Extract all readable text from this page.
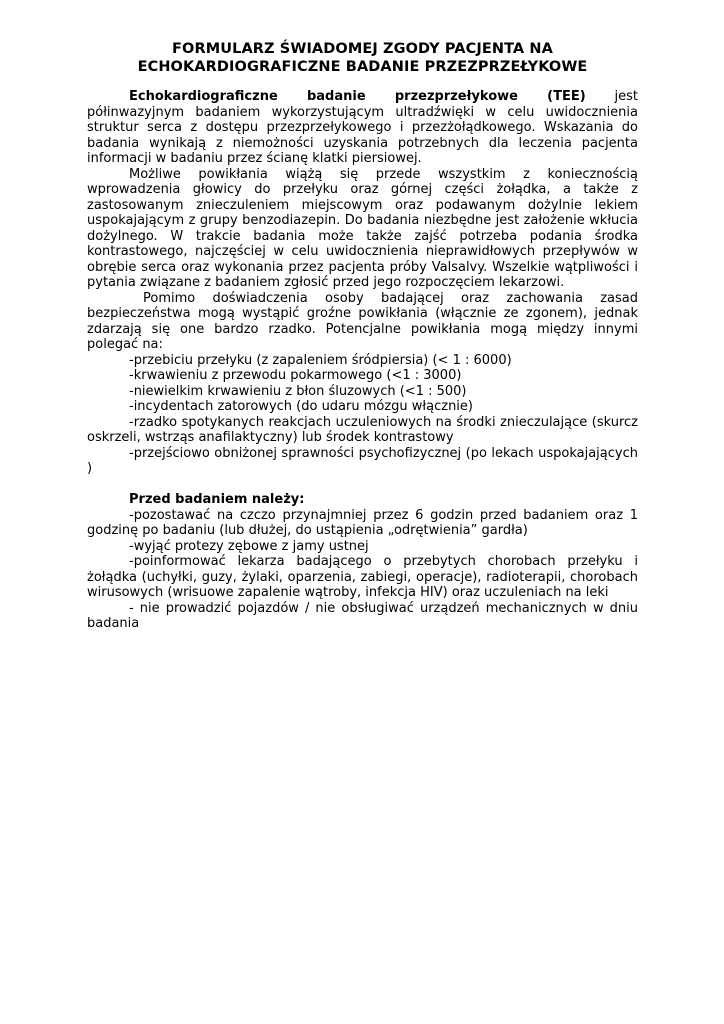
FORMULARZ ŚWIADOMEJ ZGODY PACJENTA NA
ECHOKARDIOGRAFICZNE BADANIE PRZEZPRZEŁYKOWE

Echokardiograficzne badanie przezprzełykowe (TEE) jest półinwazyjnym badaniem wykorzystującym ultradźwięki w celu uwidocznienia struktur serca z dostępu przezprzełykowego i przezżołądkowego. Wskazania do badania wynikają z niemożności uzyskania potrzebnych dla leczenia pacjenta informacji w badaniu przez ścianę klatki piersiowej.

Możliwe powikłania wiążą się przede wszystkim z koniecznością wprowadzenia głowicy do przełyku oraz górnej części żołądka, a także z zastosowanym znieczuleniem miejscowym oraz podawanym dożylnie lekiem uspokajającym z grupy benzodiazepin. Do badania niezbędne jest założenie wkłucia dożylnego. W trakcie badania może także zajść potrzeba podania środka kontrastowego, najczęściej w celu uwidocznienia nieprawidłowych przepływów w obrębie serca oraz wykonania przez pacjenta próby Valsalvy. Wszelkie wątpliwości i pytania związane z badaniem zgłosić przed jego rozpoczęciem lekarzowi.

Pomimo doświadczenia osoby badającej oraz zachowania zasad bezpieczeństwa mogą wystąpić groźne powikłania (włącznie ze zgonem), jednak zdarzają się one bardzo rzadko. Potencjalne powikłania mogą między innymi polegać na:

-przebiciu przełyku (z zapaleniem śródpiersia) (< 1 : 6000)

-krwawieniu z przewodu pokarmowego (<1 : 3000)

-niewielkim krwawieniu z błon śluzowych (<1 : 500)

-incydentach zatorowych (do udaru mózgu włącznie)

-rzadko spotykanych reakcjach uczuleniowych na środki znieczulające (skurcz oskrzeli, wstrząs anafilaktyczny) lub środek kontrastowy

-przejściowo obniżonej sprawności psychofizycznej (po lekach uspokajających )

Przed badaniem należy:

-pozostawać na czczo przynajmniej przez 6 godzin przed badaniem oraz 1 godzinę po badaniu (lub dłużej, do ustąpienia „odrętwienia” gardła)

-wyjąć protezy zębowe z jamy ustnej

-poinformować lekarza badającego o przebytych chorobach przełyku i żołądka (uchyłki, guzy, żylaki, oparzenia, zabiegi, operacje), radioterapii, chorobach wirusowych (wrisuowe zapalenie wątroby, infekcja HIV) oraz uczuleniach na leki

- nie prowadzić pojazdów / nie obsługiwać urządzeń mechanicznych w dniu badania
